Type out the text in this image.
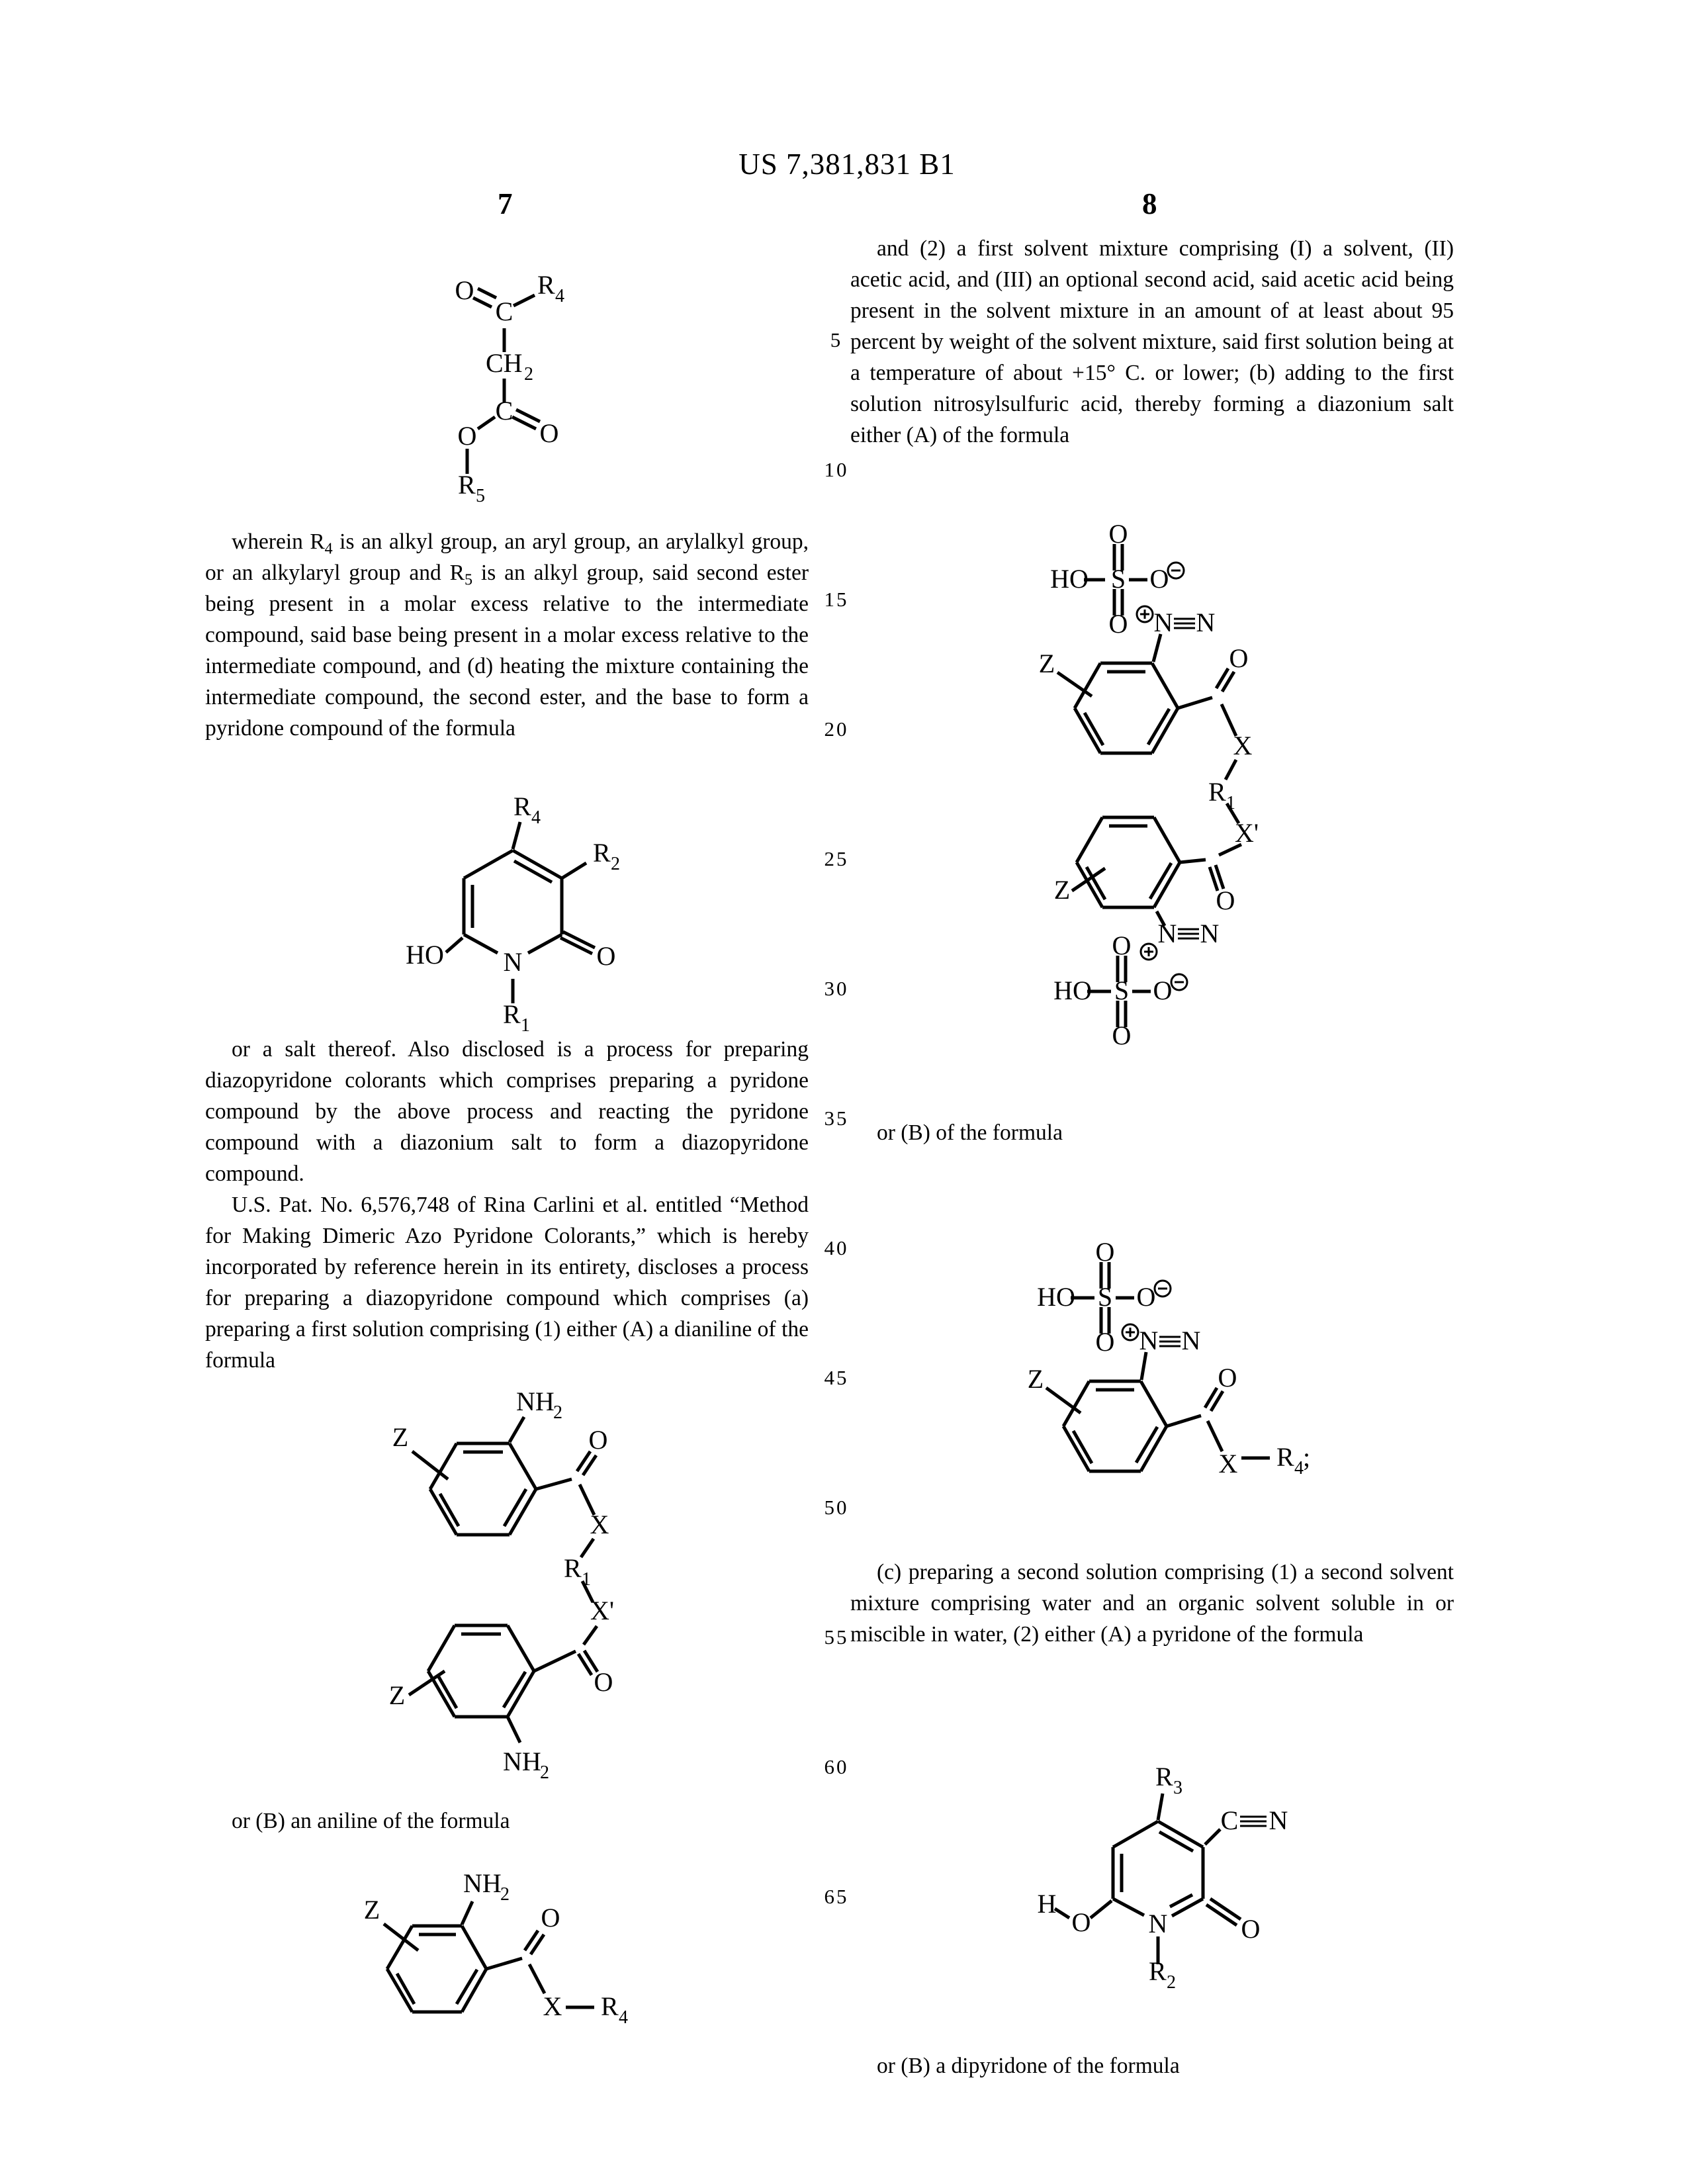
US 7,381,831 B1
7	8
5
10
15
20
25
30
35
40
45
50
55
60
65
O
C
R 4
CH 2
C
O O
R 5

wherein $R_4$ is an alkyl group, an aryl group, an arylalkyl group, or an alkylaryl group and $R_5$ is an alkyl group, said second ester being present in a molar excess relative to the intermediate compound, said base being present in a molar excess relative to the intermediate compound, and (d) heating the mixture containing the intermediate compound, the second ester, and the base to form a pyridone compound of the formula

R 4
R 2
O
HO N
R 1

or a salt thereof. Also disclosed is a process for preparing diazopyridone colorants which comprises preparing a pyridone compound by the above process and reacting the pyridone compound with a diazonium salt to form a diazopyridone compound.

U.S. Pat. No. 6,576,748 of Rina Carlini et al. entitled “Method for Making Dimeric Azo Pyridone Colorants,” which is hereby incorporated by reference herein in its entirety, discloses a process for preparing a diazopyridone compound which comprises (a) preparing a first solution comprising (1) either (A) a dianiline of the formula

NH
2
Z	O
X
R 1
X'
O
Z
NH
2
or (B) an aniline of the formula
NH
2
Z	O
X R 4

and (2) a first solvent mixture comprising (I) a solvent, (II) acetic acid, and (III) an optional second acid, said acetic acid being present in the solvent mixture in an amount of at least about 95 percent by weight of the solvent mixture, said first solution being at a temperature of about +15° C. or lower; (b) adding to the first solution nitrosylsulfuric acid, thereby forming a diazonium salt either (A) of the formula

O
HO S O
O N N
Z	O
X
R 1
X'
O
Z
N N
HO S O
O
O
or (B) of the formula
O
HO S O
O N N
Z	O
X R 4 ;

(c) preparing a second solution comprising (1) a second solvent mixture comprising water and an organic solvent soluble in or miscible in water, (2) either (A) a pyridone of the formula

R 3
C N
O
N
R 2
H
O
or (B) a dipyridone of the formula
